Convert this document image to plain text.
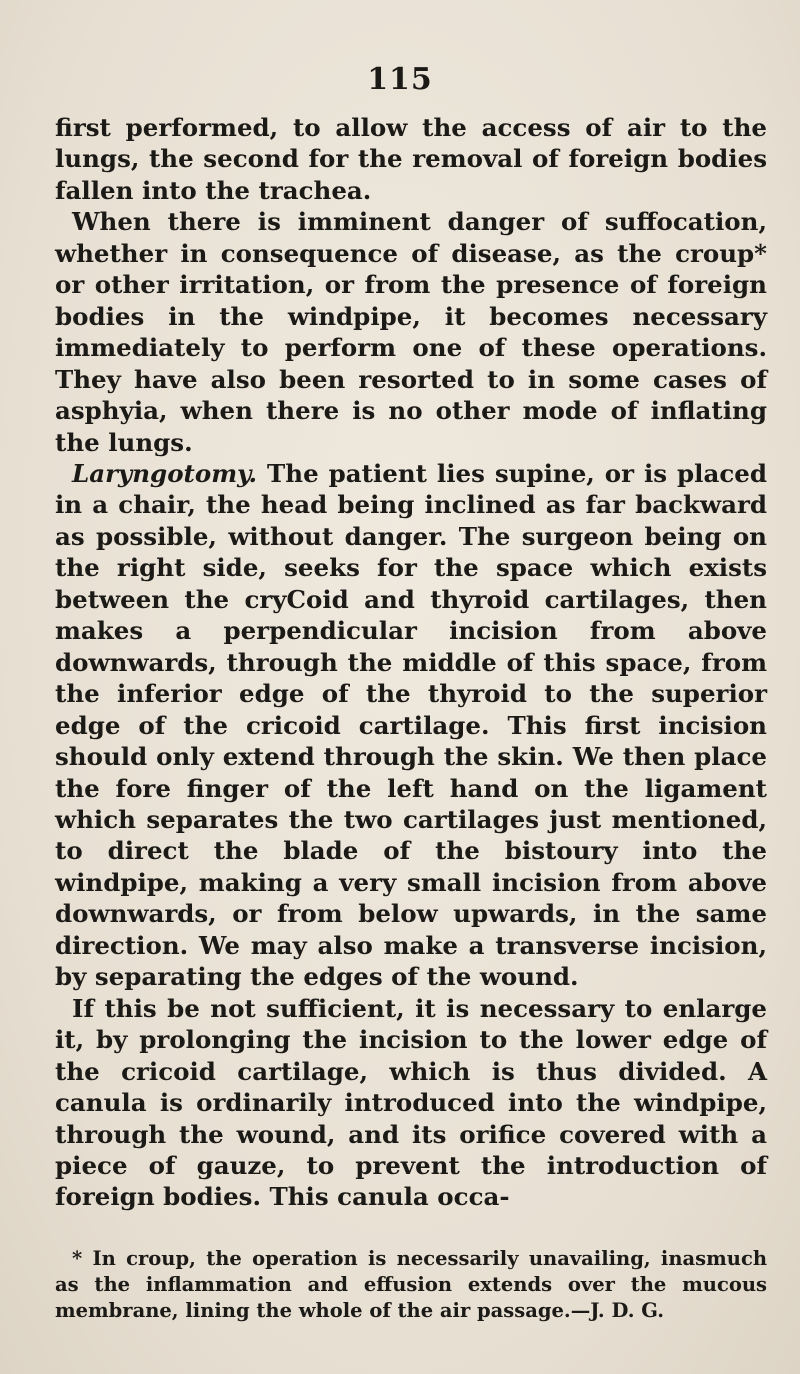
115

first performed, to allow the access of air to the lungs, the second for the removal of foreign bodies fallen into the trachea.

When there is imminent danger of suffocation, whether in consequence of disease, as the croup* or other irritation, or from the presence of foreign bodies in the windpipe, it becomes necessary immediately to perform one of these operations. They have also been resorted to in some cases of asphyia, when there is no other mode of inflating the lungs.

Laryngotomy. The patient lies supine, or is placed in a chair, the head being inclined as far backward as possible, without danger. The surgeon being on the right side, seeks for the space which exists between the cryCoid and thyroid cartilages, then makes a perpendicular incision from above downwards, through the middle of this space, from the inferior edge of the thyroid to the superior edge of the cricoid cartilage. This first incision should only extend through the skin. We then place the fore finger of the left hand on the ligament which separates the two cartilages just mentioned, to direct the blade of the bistoury into the windpipe, making a very small incision from above downwards, or from below upwards, in the same direction. We may also make a transverse incision, by separating the edges of the wound.

If this be not sufficient, it is necessary to enlarge it, by prolonging the incision to the lower edge of the cricoid cartilage, which is thus divided. A canula is ordinarily introduced into the windpipe, through the wound, and its orifice covered with a piece of gauze, to prevent the introduction of foreign bodies. This canula occa-

* In croup, the operation is necessarily unavailing, inasmuch as the inflammation and effusion extends over the mucous membrane, lining the whole of the air passage.—J. D. G.
